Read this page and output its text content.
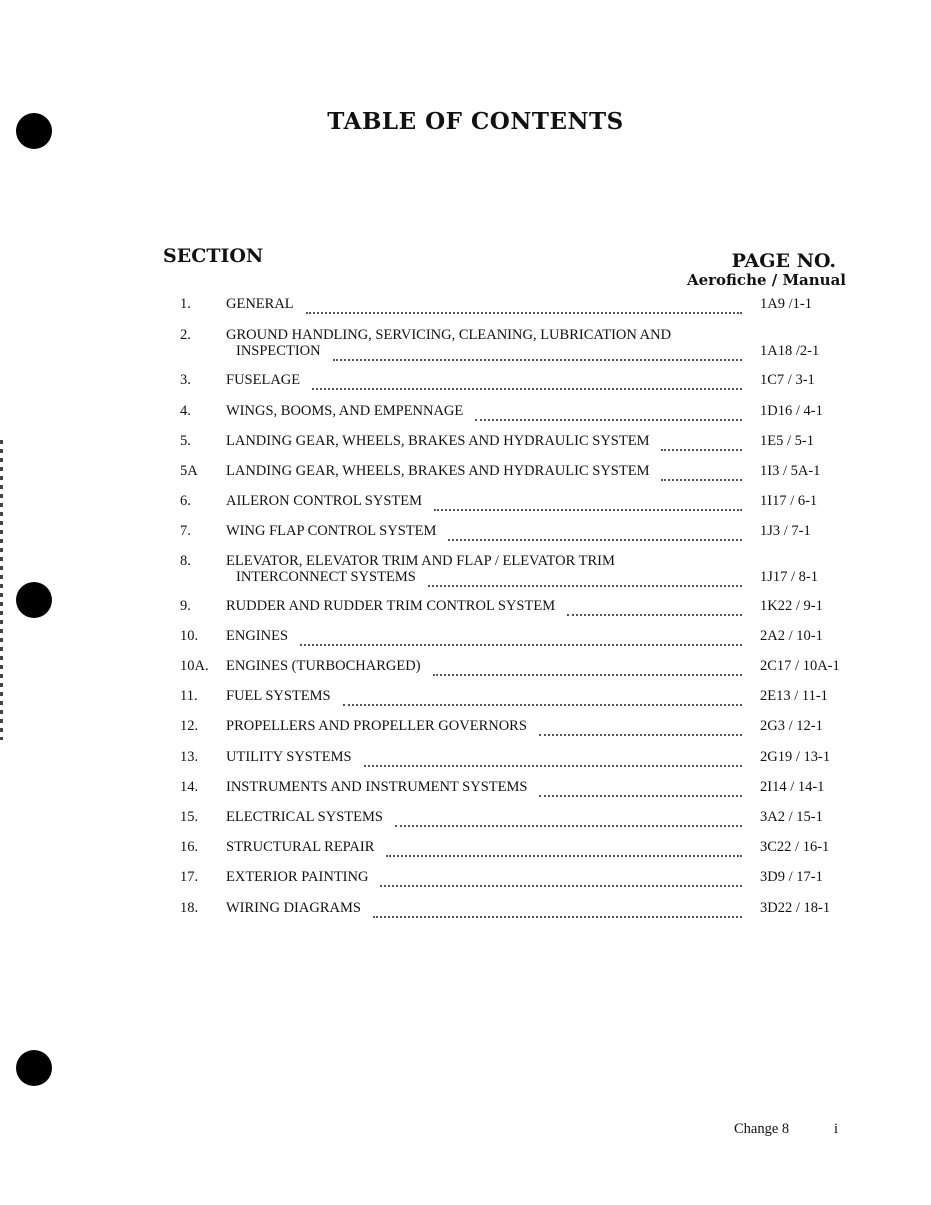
TABLE OF CONTENTS
SECTION	PAGE NO.
Aerofiche / Manual
1. GENERAL	1A9 /1-1
2. GROUND HANDLING, SERVICING, CLEANING, LUBRICATION AND
INSPECTION	1A18 /2-1
3. FUSELAGE	1C7 / 3-1
4. WINGS, BOOMS, AND EMPENNAGE	1D16 / 4-1
5. LANDING GEAR, WHEELS, BRAKES AND HYDRAULIC SYSTEM	1E5 / 5-1
5A LANDING GEAR, WHEELS, BRAKES AND HYDRAULIC SYSTEM	1I3 / 5A-1
6. AILERON CONTROL SYSTEM	1I17 / 6-1
7. WING FLAP CONTROL SYSTEM	1J3 / 7-1
8. ELEVATOR, ELEVATOR TRIM AND FLAP / ELEVATOR TRIM
INTERCONNECT SYSTEMS	1J17 / 8-1
9. RUDDER AND RUDDER TRIM CONTROL SYSTEM	1K22 / 9-1
10. ENGINES	2A2 / 10-1
10A. ENGINES (TURBOCHARGED)	2C17 / 10A-1
11. FUEL SYSTEMS	2E13 / 11-1
12. PROPELLERS AND PROPELLER GOVERNORS	2G3 / 12-1
13. UTILITY SYSTEMS	2G19 / 13-1
14. INSTRUMENTS AND INSTRUMENT SYSTEMS	2I14 / 14-1
15. ELECTRICAL SYSTEMS	3A2 / 15-1
16. STRUCTURAL REPAIR	3C22 / 16-1
17. EXTERIOR PAINTING	3D9 / 17-1
18. WIRING DIAGRAMS	3D22 / 18-1
Change 8	i
